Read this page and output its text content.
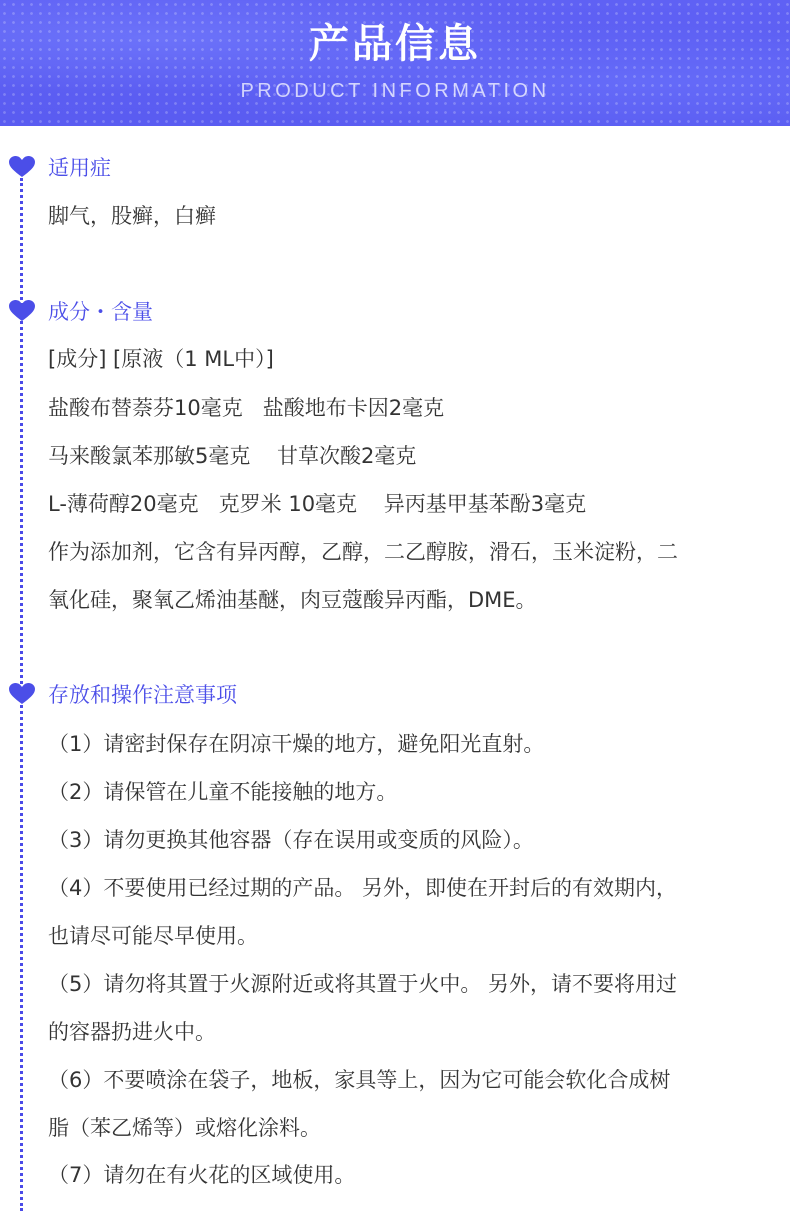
产品信息
PRODUCT INFORMATION
适用症
脚气，股癣，白癣
成分・含量
[成分] [原液（1 ML中）]
盐酸布替萘芬10毫克   盐酸地布卡因2毫克
马来酸氯苯那敏5毫克    甘草次酸2毫克
L-薄荷醇20毫克   克罗米 10毫克    异丙基甲基苯酚3毫克
作为添加剂，它含有异丙醇，乙醇，二乙醇胺，滑石，玉米淀粉，二
氧化硅，聚氧乙烯油基醚，肉豆蔻酸异丙酯，DME。
存放和操作注意事项
（1）请密封保存在阴凉干燥的地方，避免阳光直射。
（2）请保管在儿童不能接触的地方。
（3）请勿更换其他容器（存在误用或变质的风险）。
（4）不要使用已经过期的产品。 另外，即使在开封后的有效期内，
也请尽可能尽早使用。
（5）请勿将其置于火源附近或将其置于火中。 另外，请不要将用过
的容器扔进火中。
（6）不要喷涂在袋子，地板，家具等上，因为它可能会软化合成树
脂（苯乙烯等）或熔化涂料。
（7）请勿在有火花的区域使用。
